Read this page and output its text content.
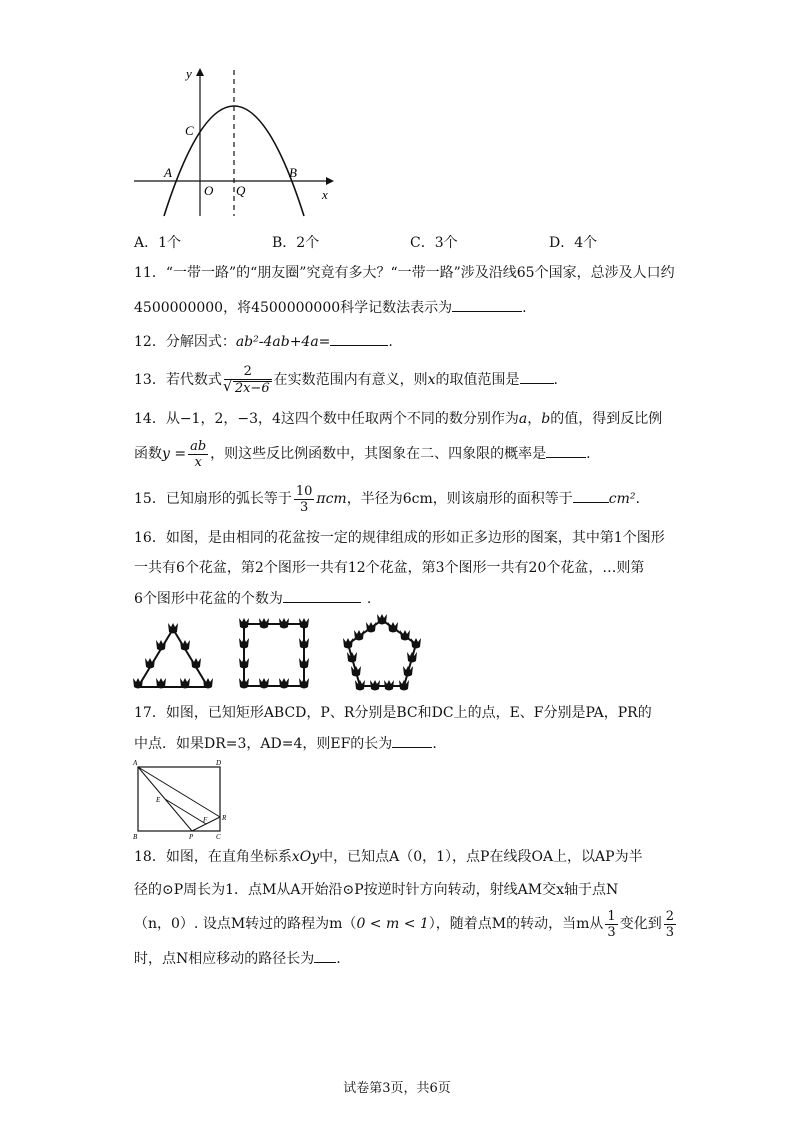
y
x
C
A
O Q
B
A．1个	B．2个	C．3个	D．4个
11．“一带一路”的“朋友圈”究竟有多大？“一带一路”涉及沿线65个国家，总涉及人口约
4500000000，将4500000000科学记数法表示为	.
12．分解因式：ab²-4ab+4a=	.
13．若代数式 2
√ 2x−6 在实数范围内有意义，则x的取值范围是 .
14．从−1，2，−3，4这四个数中任取两个不同的数分别作为a，b的值，得到反比例
函数$y = \frac{ab}{x}$ ，则这些反比例函数中，其图象在二、四象限的概率是	.
15．已知扇形的弧长等于 $\frac{10}{3}$ πcm，半径为6cm，则该扇形的面积等于	cm².
16．如图，是由相同的花盆按一定的规律组成的形如正多边形的图案，其中第1个图形
一共有6个花盆，第2个图形一共有12个花盆，第3个图形一共有20个花盆，…则第
6个图形中花盆的个数为	.
17．如图，已知矩形ABCD，P、R分别是BC和DC上的点，E、F分别是PA，PR的
中点．如果DR=3，AD=4，则EF的长为	.
A	D
E
F R
B	P	C
18．如图，在直角坐标系xOy中，已知点A（0，1），点P在线段OA上，以AP为半
径的⊙P周长为1．点M从A开始沿⊙P按逆时针方向转动，射线AM交x轴于点N
（n，0）. 设点M转过的路程为m（0 < m < 1），随着点M的转动，当m从 $\frac{1}{3}$ 变化到 $\frac{2}{3}$
时，点N相应移动的路径长为 .
试卷第3页，共6页
